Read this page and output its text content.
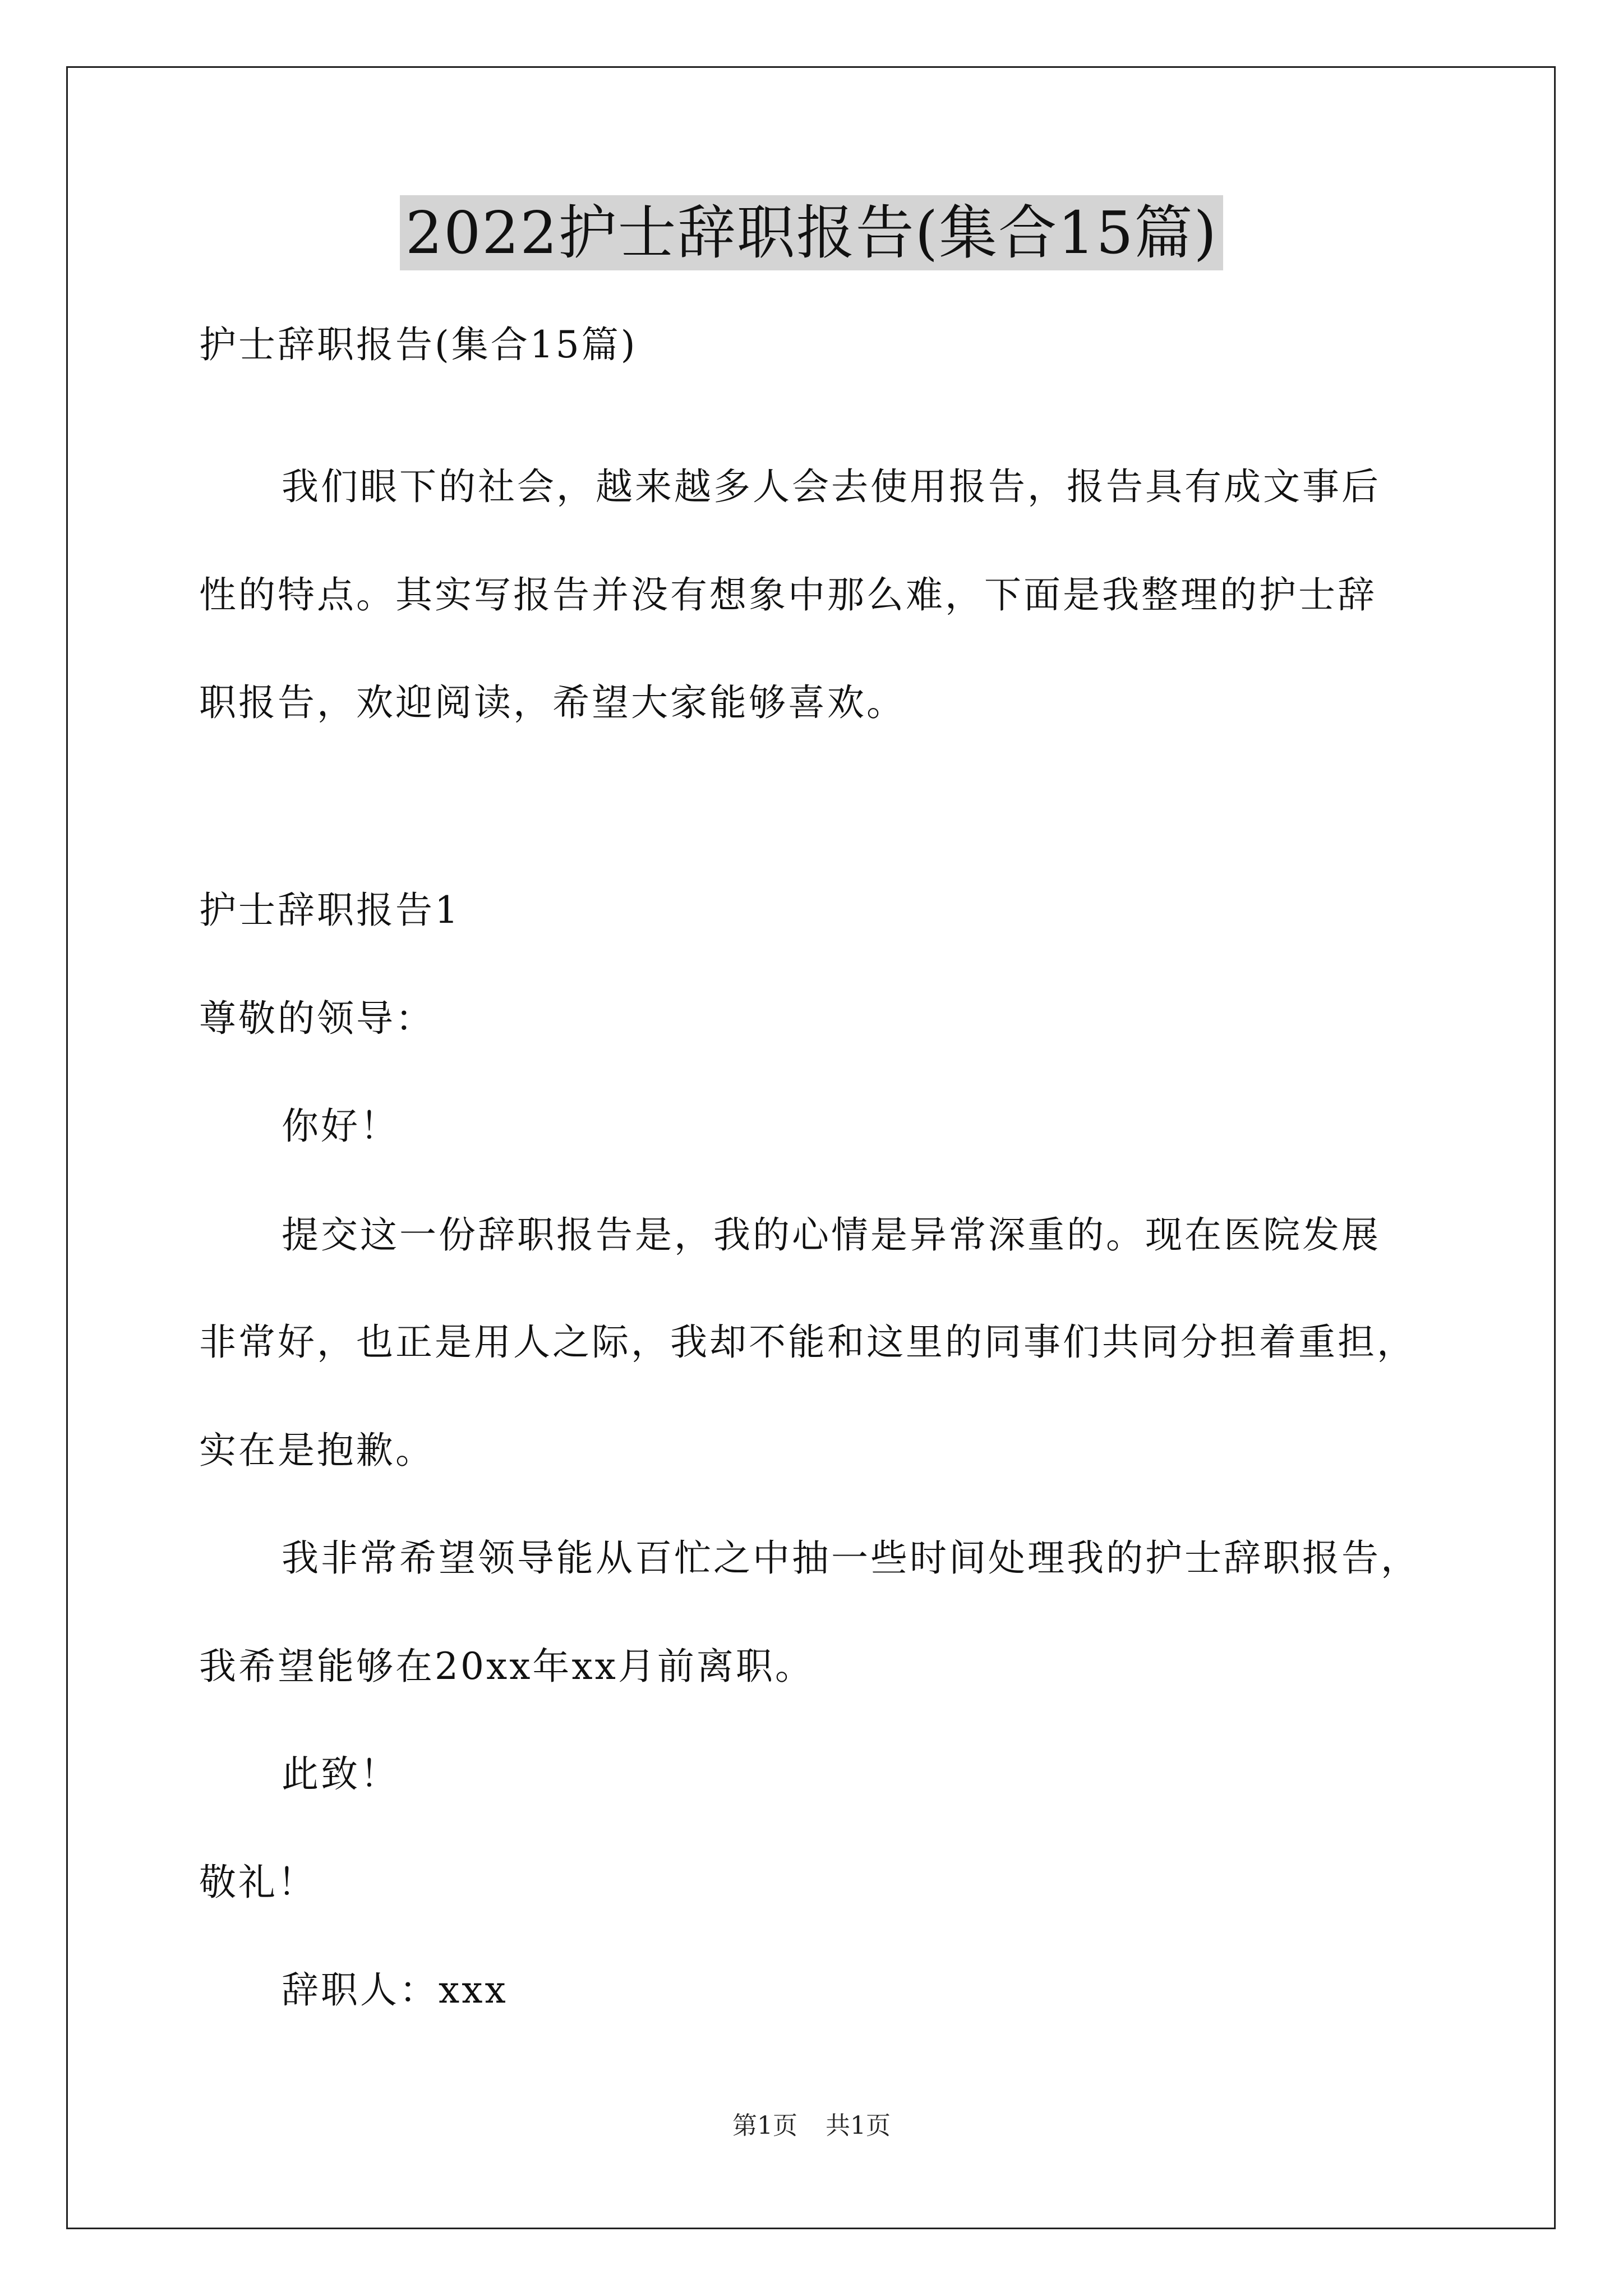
2022护士辞职报告(集合15篇)
护士辞职报告(集合15篇)
我们眼下的社会，越来越多人会去使用报告，报告具有成文事后
性的特点。其实写报告并没有想象中那么难，下面是我整理的护士辞
职报告，欢迎阅读，希望大家能够喜欢。
护士辞职报告1
尊敬的领导：
你好！
提交这一份辞职报告是，我的心情是异常深重的。现在医院发展
非常好，也正是用人之际，我却不能和这里的同事们共同分担着重担，
实在是抱歉。
我非常希望领导能从百忙之中抽一些时间处理我的护士辞职报告，
我希望能够在20xx年xx月前离职。
此致！
敬礼！
辞职人：xxx
第1页 共1页
